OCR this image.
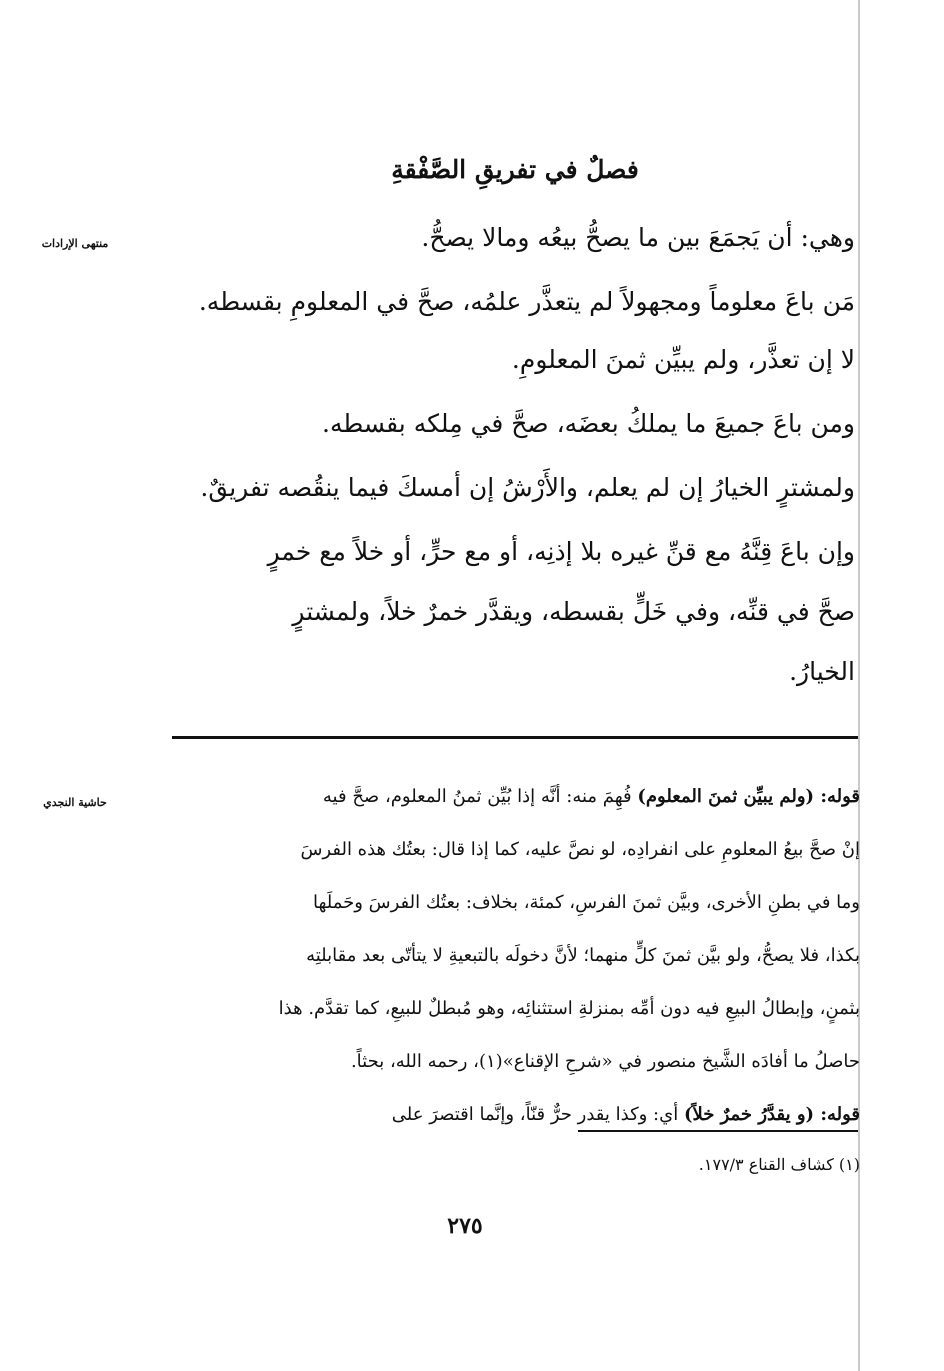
فصلٌ في تفريقِ الصَّفْقةِ
منتهى الإرادات	وهي: أن يَجمَعَ بين ما يصحُّ بيعُه ومالا يصحُّ.

مَن باعَ معلوماً ومجهولاً لم يتعذَّر علمُه، صحَّ في المعلومِ بقسطه.

لا إن تعذَّر، ولم يبيِّن ثمنَ المعلومِ.

ومن باعَ جميعَ ما يملكُ بعضَه، صحَّ في مِلكه بقسطه.

ولمشترٍ الخيارُ إن لم يعلم، والأَرْشُ إن أمسكَ فيما ينقُصه تفريقٌ.

وإن باعَ قِنَّهُ مع قنِّ غيره بلا إذنِه، أو مع حرٍّ، أو خلاً مع خمرٍ

صحَّ في قنِّه، وفي خَلٍّ بقسطه، ويقدَّر خمرٌ خلاً، ولمشترٍ

الخيارُ.

حاشية النجدي	قوله: (ولم يبيِّن ثمنَ المعلوم) فُهِمَ منه: أنَّه إذا بُيِّن ثمنُ المعلوم، صحَّ فيه

إنْ صحَّ بيعُ المعلومِ على انفرادِه، لو نصَّ عليه، كما إذا قال: بعتُك هذه الفرسَ

وما في بطنِ الأخرى، وبيَّن ثمنَ الفرسِ، كمئة، بخلاف: بعتُك الفرسَ وحَملَها

بكذا، فلا يصحُّ، ولو بيَّن ثمنَ كلٍّ منهما؛ لأنَّ دخولَه بالتبعيةِ لا يتأتّى بعد مقابلتِه

بثمنٍ، وإبطالُ البيعِ فيه دون أمِّه بمنزلةِ استثنائِه، وهو مُبطلٌ للبيعِ، كما تقدَّم. هذا

حاصلُ ما أفادَه الشَّيخ منصور في «شرحِ الإقناع»(١)، رحمه الله، بحثاً.

قوله: (و يقدَّرُ خمرٌ خلاً) أي: وكذا يقدر حرٌّ قنّاً، وإنَّما اقتصرَ على

(١) كشاف القناع ١٧٧/٣.
٢٧٥
